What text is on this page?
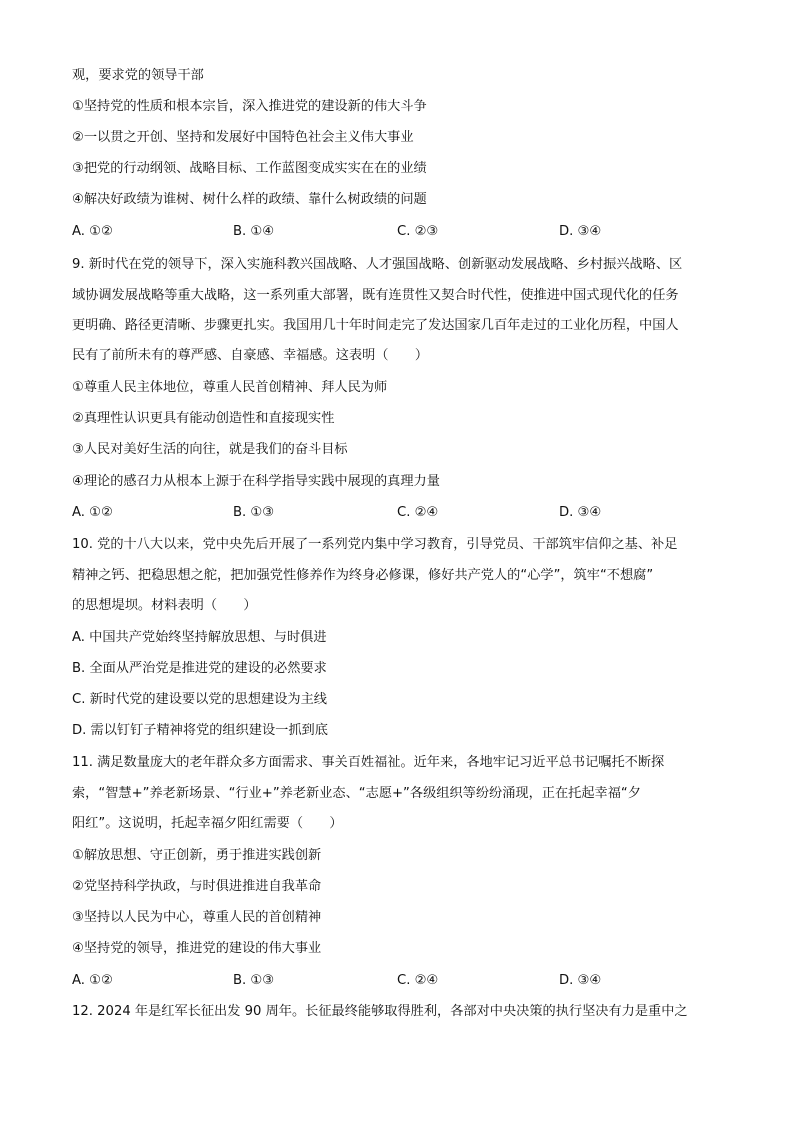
观，要求党的领导干部
①坚持党的性质和根本宗旨，深入推进党的建设新的伟大斗争
②一以贯之开创、坚持和发展好中国特色社会主义伟大事业
③把党的行动纲领、战略目标、工作蓝图变成实实在在的业绩
④解决好政绩为谁树、树什么样的政绩、靠什么树政绩的问题
A. ①②	B. ①④	C. ②③	D. ③④
9. 新时代在党的领导下，深入实施科教兴国战略、人才强国战略、创新驱动发展战略、乡村振兴战略、区
域协调发展战略等重大战略，这一系列重大部署，既有连贯性又契合时代性，使推进中国式现代化的任务
更明确、路径更清晰、步骤更扎实。我国用几十年时间走完了发达国家几百年走过的工业化历程，中国人
民有了前所未有的尊严感、自豪感、幸福感。这表明（　　）
①尊重人民主体地位，尊重人民首创精神、拜人民为师
②真理性认识更具有能动创造性和直接现实性
③人民对美好生活的向往，就是我们的奋斗目标
④理论的感召力从根本上源于在科学指导实践中展现的真理力量
A. ①②	B. ①③	C. ②④	D. ③④
10. 党的十八大以来，党中央先后开展了一系列党内集中学习教育，引导党员、干部筑牢信仰之基、补足
精神之钙、把稳思想之舵，把加强党性修养作为终身必修课，修好共产党人的“心学”，筑牢“不想腐”
的思想堤坝。材料表明（　　）
A. 中国共产党始终坚持解放思想、与时俱进
B. 全面从严治党是推进党的建设的必然要求
C. 新时代党的建设要以党的思想建设为主线
D. 需以钉钉子精神将党的组织建设一抓到底
11. 满足数量庞大的老年群众多方面需求、事关百姓福祉。近年来，各地牢记习近平总书记嘱托不断探
索，“智慧+”养老新场景、“行业+”养老新业态、“志愿+”各级组织等纷纷涌现，正在托起幸福“夕
阳红”。这说明，托起幸福夕阳红需要（　　）
①解放思想、守正创新，勇于推进实践创新
②党坚持科学执政，与时俱进推进自我革命
③坚持以人民为中心，尊重人民的首创精神
④坚持党的领导，推进党的建设的伟大事业
A. ①②	B. ①③	C. ②④	D. ③④
12. 2024 年是红军长征出发 90 周年。长征最终能够取得胜利，各部对中央决策的执行坚决有力是重中之
